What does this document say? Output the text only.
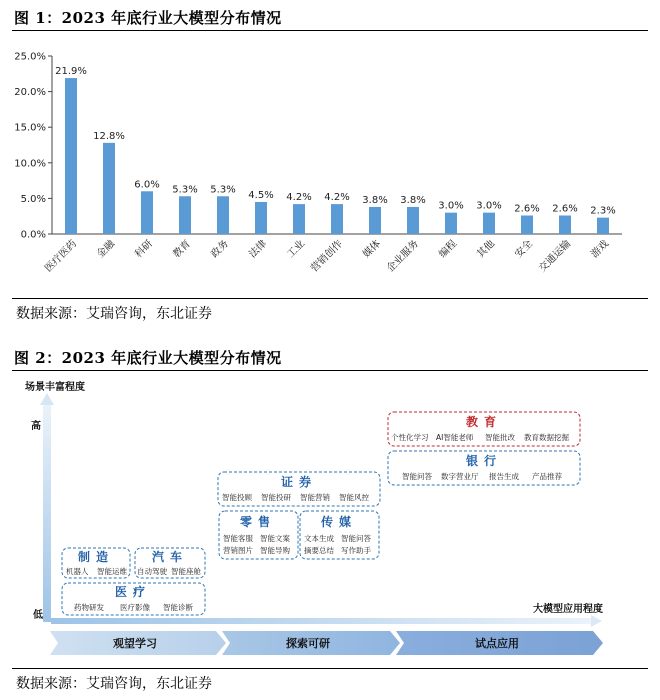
图 1：2023 年底行业大模型分布情况
0.0%
5.0%
10.0%
15.0%
20.0%
25.0%
21.9%
12.8%
6.0% 5.3% 5.3%
4.5% 4.2% 4.2% 3.8% 3.8%
3.0% 3.0% 2.6% 2.6% 2.3%
医疗医药 金融 科研 教育 政务 法律 工业 营销创作 媒体 企业服务 编程 其他 安全 交通运输 游戏
数据来源：艾瑞咨询，东北证券
图 2：2023 年底行业大模型分布情况
场景丰富程度
高
低
大模型应用程度
观望学习	探索可研	试点应用
制造
机器人 智能运维
汽车
自动驾驶 智能座舱
医疗
药物研发 医疗影像 智能诊断
证券
智能投顾 智能投研 智能营销 智能风控
零售
智能客服 智能文案
营销图片 智能导购
传媒
文本生成 智能问答
摘要总结 写作助手
教育
个性化学习 AI智能老师 智能批改 教育数据挖掘
银行
智能问答 数字营业厅 报告生成 产品推荐
数据来源：艾瑞咨询，东北证券
